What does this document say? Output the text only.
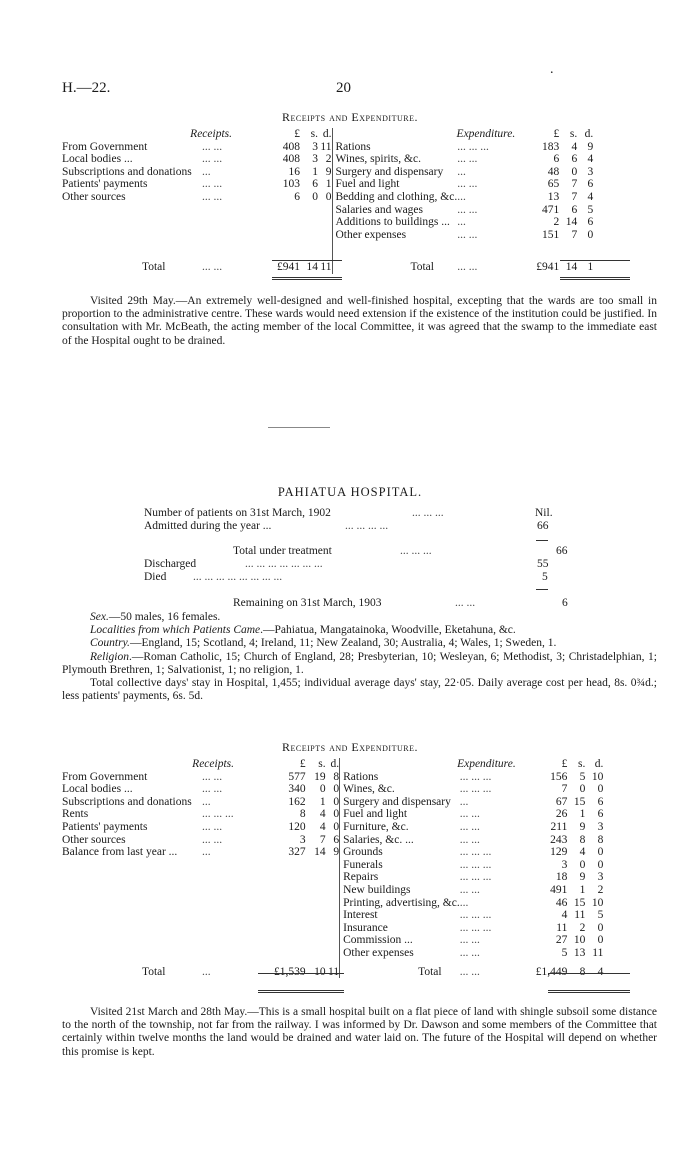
H.—22.	20
.
Receipts and Expenditure.
Receipts.		£	s.	d.	Expenditure.		£	s.	d.
From Government	... ...	408	3	11	Rations	... ... ...	183	4	9
Local bodies ...	... ...	408	3	2	Wines, spirits, &c.	... ...	6	6	4
Subscriptions and donations	...	16	1	9	Surgery and dispensary	...	48	0	3
Patients' payments	... ...	103	6	1	Fuel and light	... ...	65	7	6
Other sources	... ...	6	0	0	Bedding and clothing, &c.	...	13	7	4
					Salaries and wages	... ...	471	6	5
					Additions to buildings ...	...	2	14	6
					Other expenses	... ...	151	7	0

Total	... ...	£941	14	11	Total	... ...	£941	14	1

Visited 29th May.—An extremely well-designed and well-finished hospital, excepting that the wards are too small in proportion to the administrative centre. These wards would need extension if the existence of the institution could be justified. In consultation with Mr. McBeath, the acting member of the local Committee, it was agreed that the swamp to the immediate east of the Hospital ought to be drained.

PAHIATUA HOSPITAL.
Number of patients on 31st March, 1902	... ... ...	Nil.
Admitted during the year ...	... ... ... ...	66
Total under treatment	... ... ...	66
Discharged	... ... ... ... ... ... ...	55
Died ... ... ... ... ... ... ... ...	5
Remaining on 31st March, 1903	... ...	6

Sex.—50 males, 16 females.

Localities from which Patients Came.—Pahiatua, Mangatainoka, Woodville, Eketahuna, &c.

Country.—England, 15; Scotland, 4; Ireland, 11; New Zealand, 30; Australia, 4; Wales, 1; Sweden, 1.

Religion.—Roman Catholic, 15; Church of England, 28; Presbyterian, 10; Wesleyan, 6; Methodist, 3; Christadelphian, 1; Plymouth Brethren, 1; Salvationist, 1; no religion, 1.

Total collective days' stay in Hospital, 1,455; individual average days' stay, 22·05. Daily average cost per head, 8s. 0¾d.; less patients' payments, 6s. 5d.

Receipts and Expenditure.
Receipts.		£	s.	d.	Expenditure.		£	s.	d.
From Government	... ...	577	19	8	Rations	... ... ...	156	5	10
Local bodies ...	... ...	340	0	0	Wines, &c.	... ... ...	7	0	0
Subscriptions and donations	...	162	1	0	Surgery and dispensary	...	67	15	6
Rents	... ... ...	8	4	0	Fuel and light	... ...	26	1	6
Patients' payments	... ...	120	4	0	Furniture, &c.	... ...	211	9	3
Other sources	... ...	3	7	6	Salaries, &c. ...	... ...	243	8	8
Balance from last year ...	...	327	14	9	Grounds	... ... ...	129	4	0
					Funerals	... ... ...	3	0	0
					Repairs	... ... ...	18	9	3
					New buildings	... ...	491	1	2
					Printing, advertising, &c.	...	46	15	10
					Interest	... ... ...	4	11	5
					Insurance	... ... ...	11	2	0
					Commission ...	... ...	27	10	0
					Other expenses	... ...	5	13	11

Total	...	£1,539	10	11	Total	... ...	£1,449	8	4

Visited 21st March and 28th May.—This is a small hospital built on a flat piece of land with shingle subsoil some distance to the north of the township, not far from the railway. I was informed by Dr. Dawson and some members of the Committee that certainly within twelve months the land would be drained and water laid on. The future of the Hospital will depend on whether this promise is kept.
